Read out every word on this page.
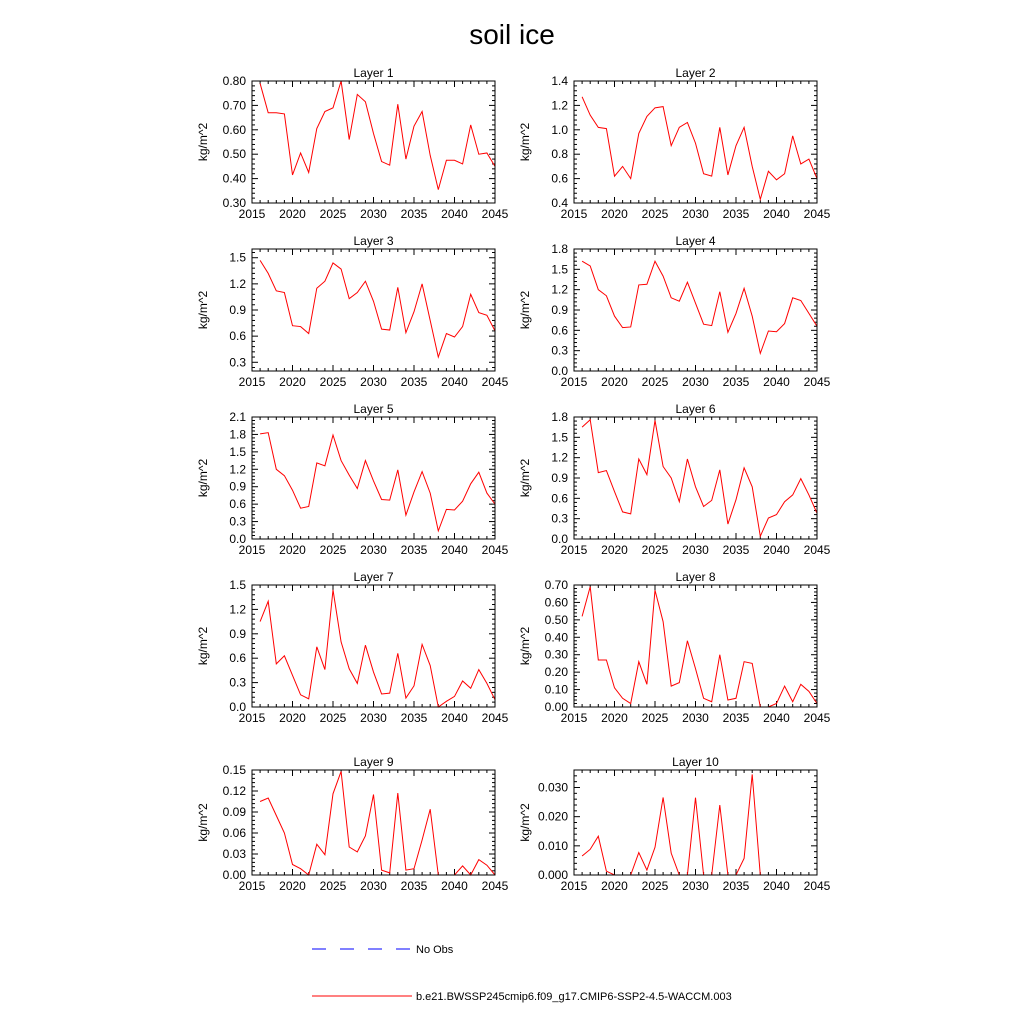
soil ice
Layer 1
kg/m^2
2015 2020 2025 2030 2035 2040 2045
0.30
0.40
0.50
0.60
0.70
0.80
Layer 2
kg/m^2
2015 2020 2025 2030 2035 2040 2045
0.4
0.6
0.8
1.0
1.2
1.4
Layer 3
kg/m^2
2015 2020 2025 2030 2035 2040 2045
0.3
0.6
0.9
1.2
1.5
Layer 4
kg/m^2
2015 2020 2025 2030 2035 2040 2045
0.0
0.3
0.6
0.9
1.2
1.5
1.8
Layer 5
kg/m^2
2015 2020 2025 2030 2035 2040 2045
0.0
0.3
0.6
0.9
1.2
1.5
1.8
2.1
Layer 6
kg/m^2
2015 2020 2025 2030 2035 2040 2045
0.0
0.3
0.6
0.9
1.2
1.5
1.8
Layer 7
kg/m^2
2015 2020 2025 2030 2035 2040 2045
0.0
0.3
0.6
0.9
1.2
1.5
Layer 8
kg/m^2
2015 2020 2025 2030 2035 2040 2045
0.00
0.10
0.20
0.30
0.40
0.50
0.60
0.70
Layer 9
kg/m^2
2015 2020 2025 2030 2035 2040 2045
0.00
0.03
0.06
0.09
0.12
0.15
Layer 10
kg/m^2
2015 2020 2025 2030 2035 2040 2045
0.000
0.010
0.020
0.030
No Obs
b.e21.BWSSP245cmip6.f09_g17.CMIP6-SSP2-4.5-WACCM.003
